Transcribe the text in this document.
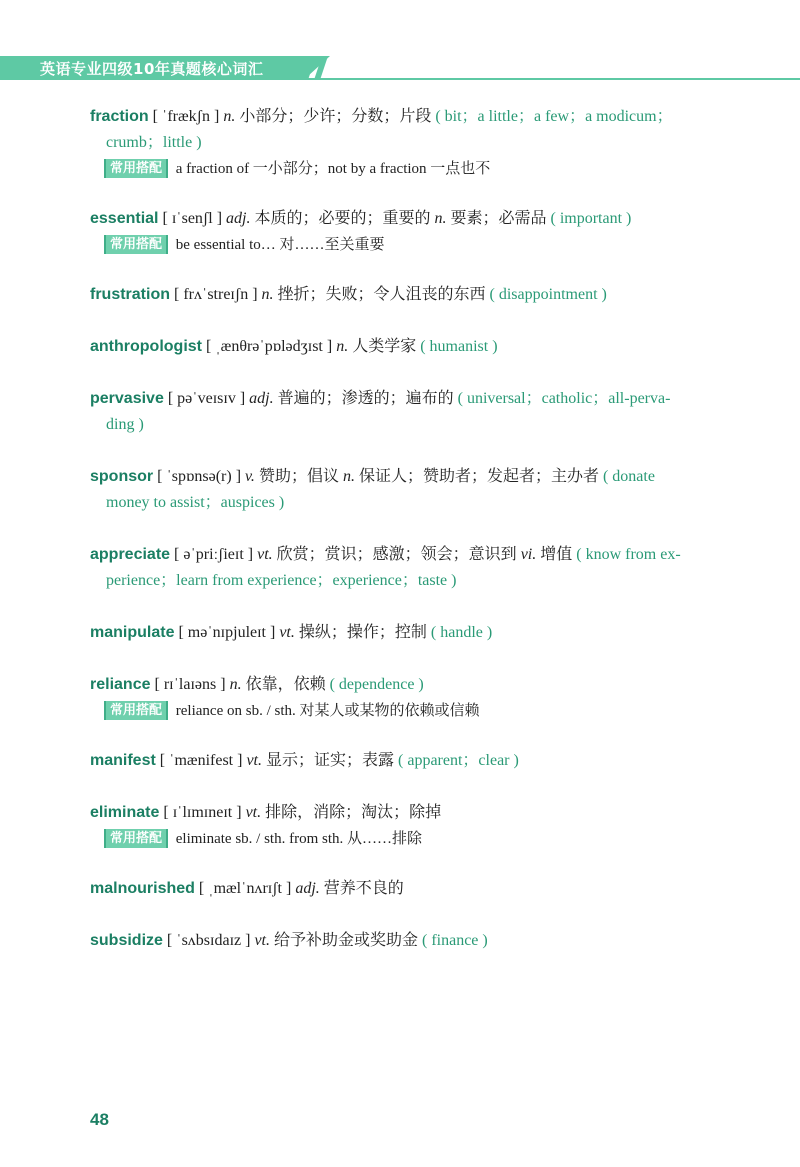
英语专业四级10年真题核心词汇
fraction [ ˈfrækʃn ] n. 小部分；少许；分数；片段 ( bit；a little；a few；a modicum；
crumb；little )
常用搭配 a fraction of 一小部分；not by a fraction 一点也不
essential [ ɪˈsenʃl ] adj. 本质的；必要的；重要的 n. 要素；必需品 ( important )
常用搭配 be essential to… 对……至关重要
frustration [ frʌˈstreɪʃn ] n. 挫折；失败；令人沮丧的东西 ( disappointment )
anthropologist [ ˌænθrəˈpɒlədʒɪst ] n. 人类学家 ( humanist )
pervasive [ pəˈveɪsɪv ] adj. 普遍的；渗透的；遍布的 ( universal；catholic；all-perva-
ding )
sponsor [ ˈspɒnsə(r) ] v. 赞助；倡议 n. 保证人；赞助者；发起者；主办者 ( donate
money to assist；auspices )
appreciate [ əˈpriːʃieɪt ] vt. 欣赏；赏识；感激；领会；意识到 vi. 增值 ( know from ex-
perience；learn from experience；experience；taste )
manipulate [ məˈnɪpjuleɪt ] vt. 操纵；操作；控制 ( handle )
reliance [ rɪˈlaɪəns ] n. 依靠，依赖 ( dependence )
常用搭配 reliance on sb. / sth. 对某人或某物的依赖或信赖
manifest [ ˈmænifest ] vt. 显示；证实；表露 ( apparent；clear )
eliminate [ ɪˈlɪmɪneɪt ] vt. 排除，消除；淘汰；除掉
常用搭配 eliminate sb. / sth. from sth. 从……排除
malnourished [ ˌmælˈnʌrɪʃt ] adj. 营养不良的
subsidize [ ˈsʌbsɪdaɪz ] vt. 给予补助金或奖助金 ( finance )
48
